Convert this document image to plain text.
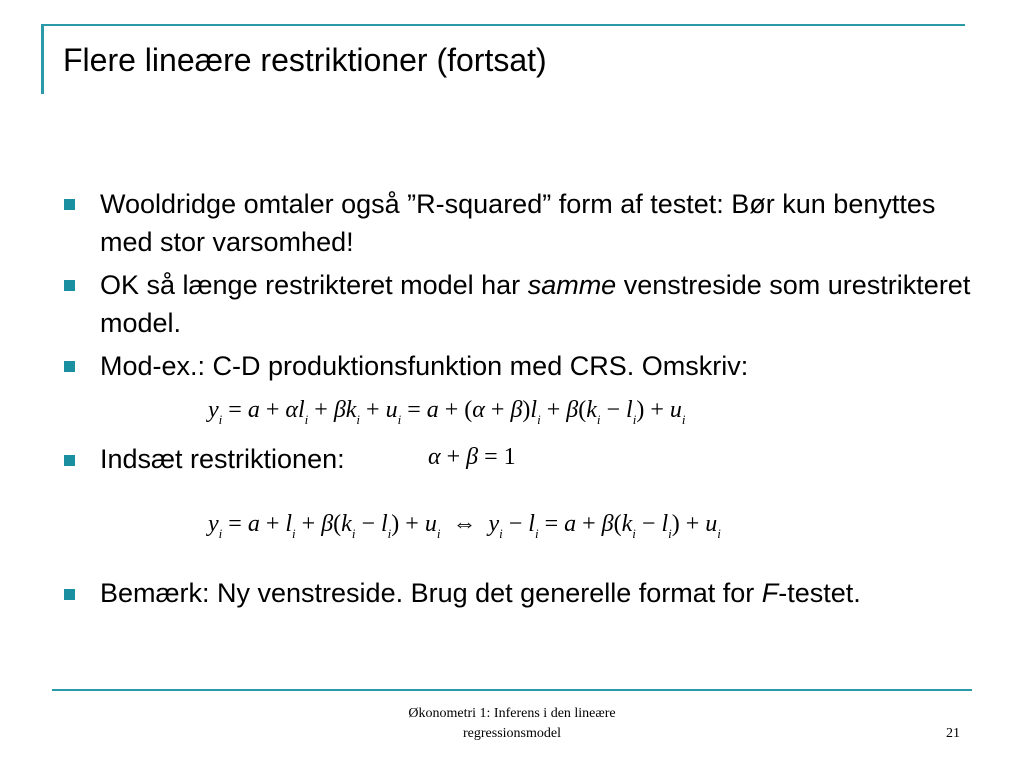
Flere lineære restriktioner (fortsat)
Wooldridge omtaler også ”R-squared” form af testet: Bør kun benyttes med stor varsomhed!
OK så længe restrikteret model har samme venstreside som urestrikteret model.
Mod-ex.: C-D produktionsfunktion med CRS. Omskriv:
$y_i = a + \alpha l_i + \beta k_i + u_i = a + (\alpha + \beta)l_i + \beta(k_i - l_i) + u_i$
Indsæt restriktionen:	α + β = 1
$y_i = a + l_i + \beta(k_i - l_i) + u_i$  ⇔  $y_i - l_i = a + \beta(k_i - l_i) + u_i$
Bemærk: Ny venstreside. Brug det generelle format for F-testet.
Økonometri 1: Inferens i den lineære
regressionsmodel	21
